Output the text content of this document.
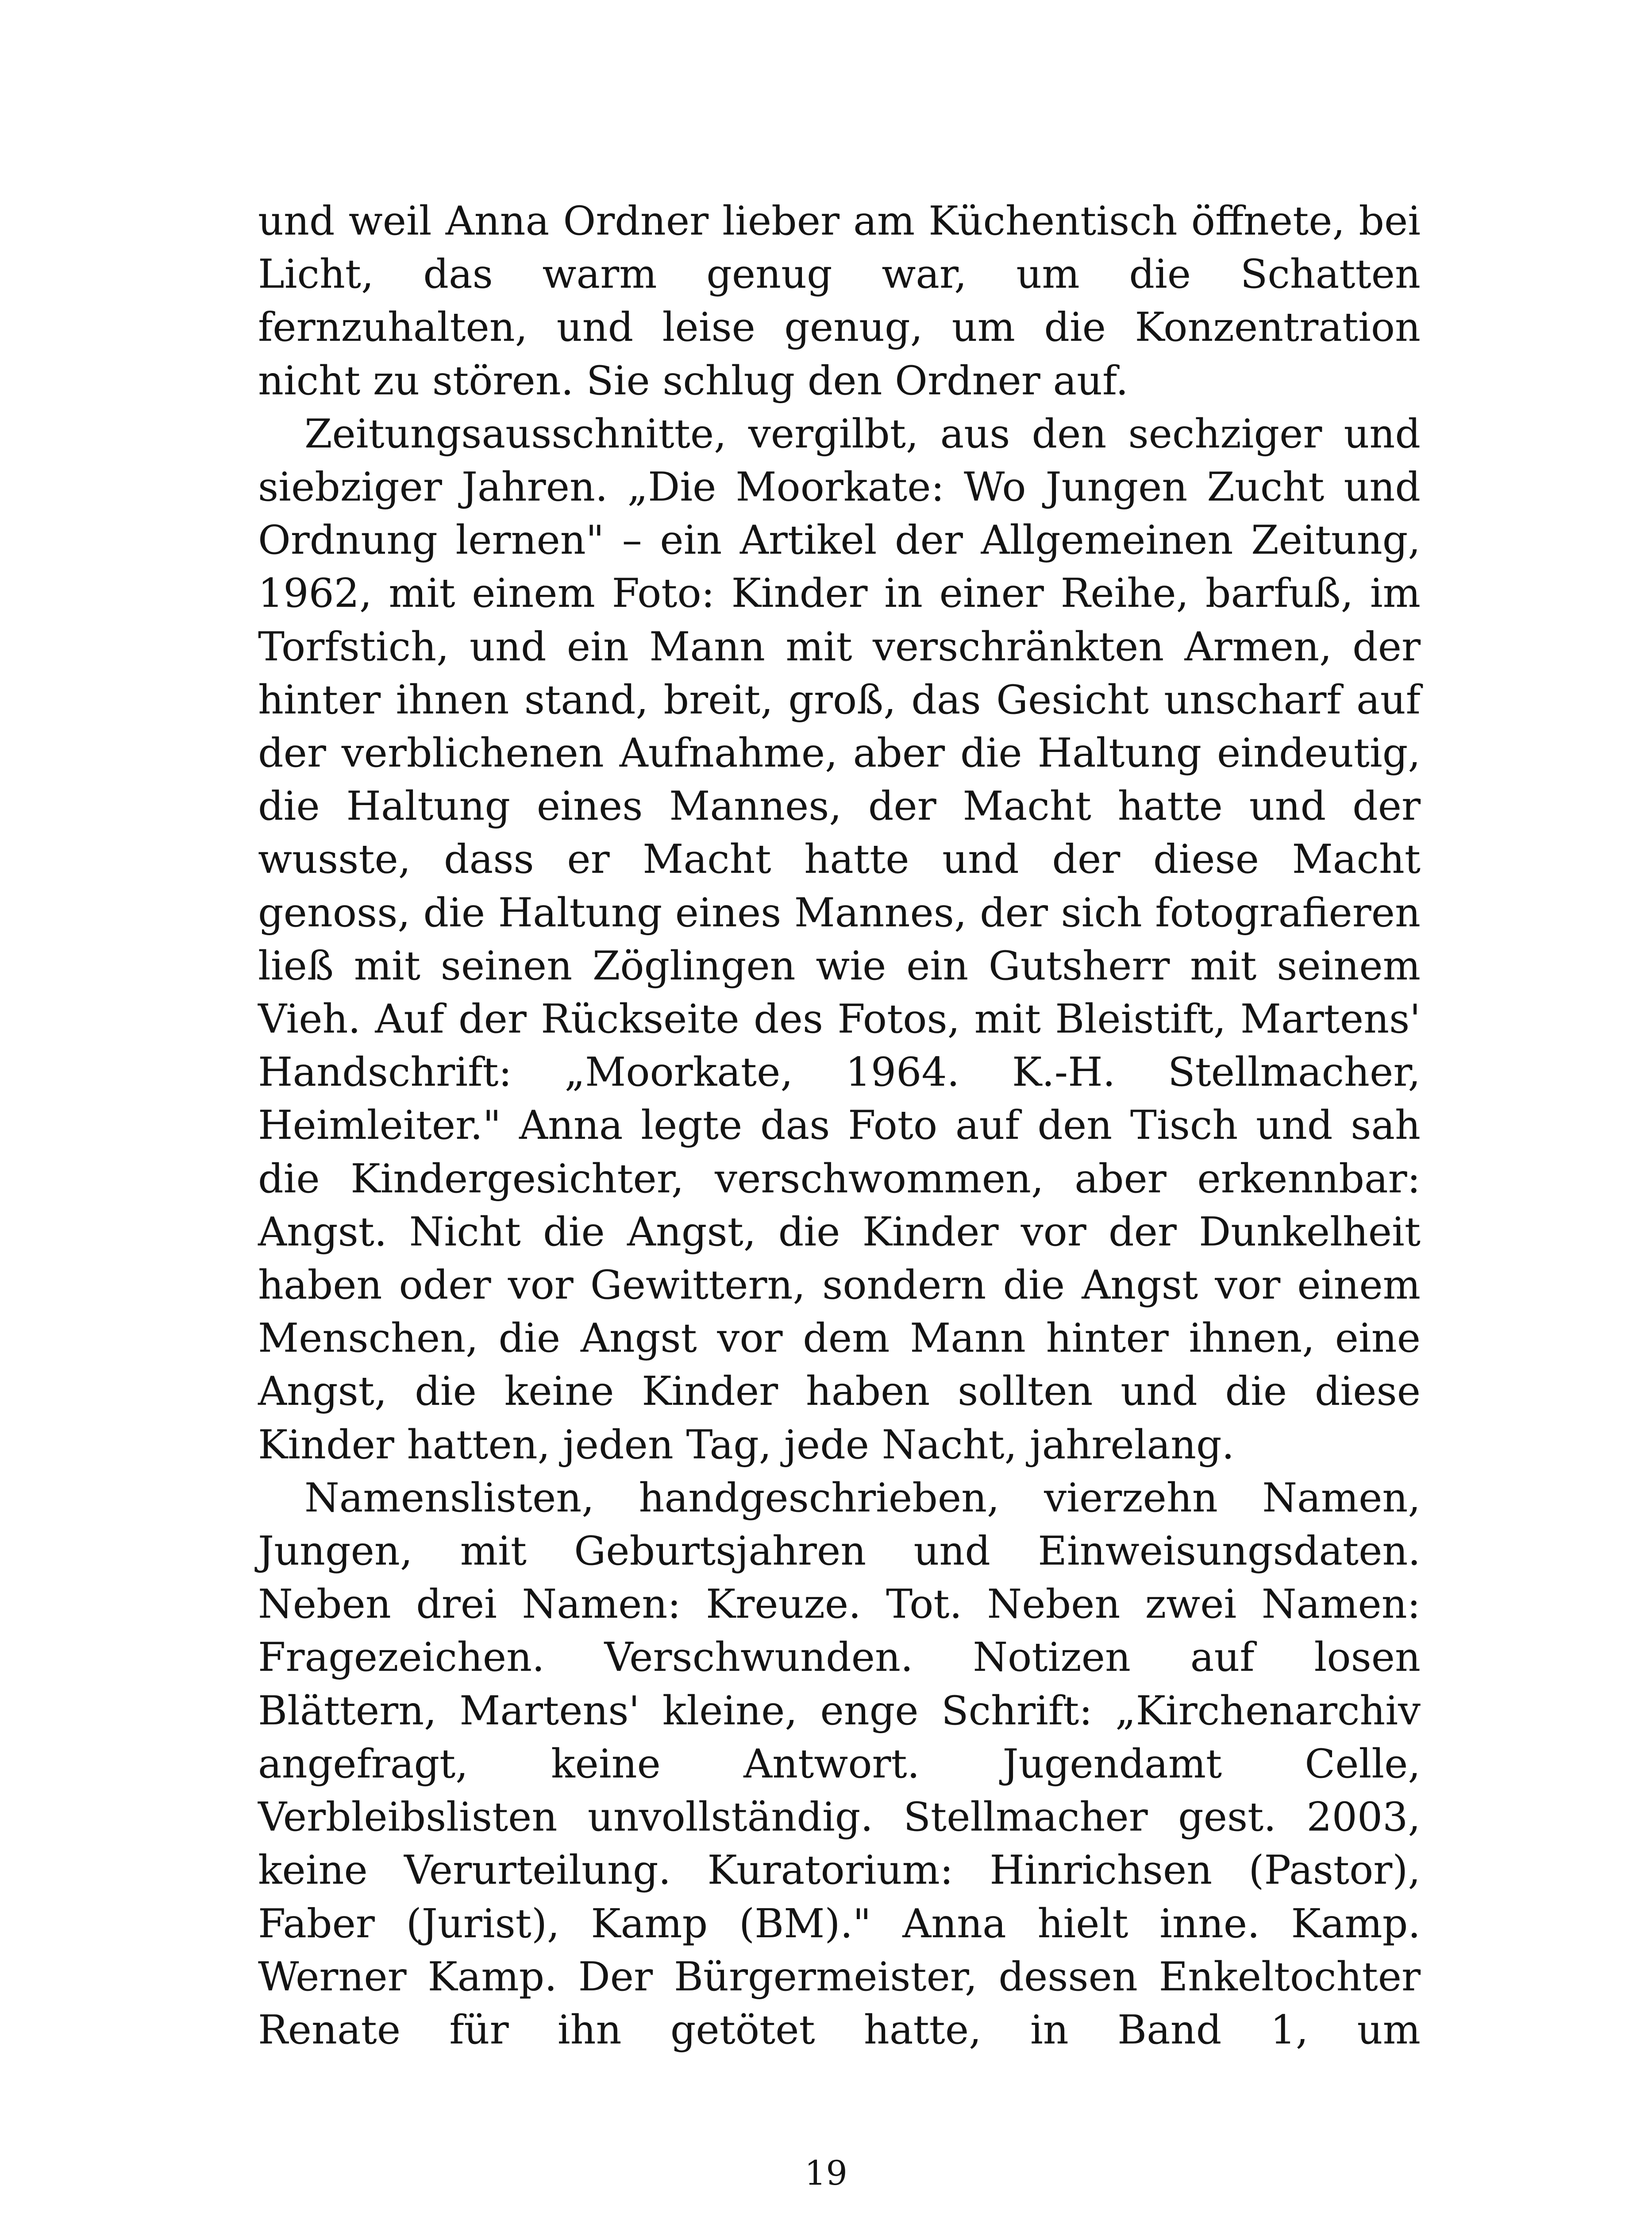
und weil Anna Ordner lieber am Küchentisch öffnete, bei Licht, das warm genug war, um die Schatten fernzuhalten, und leise genug, um die Konzentration nicht zu stören. Sie schlug den Ordner auf.

Zeitungsausschnitte, vergilbt, aus den sechziger und siebziger Jahren. „Die Moorkate: Wo Jungen Zucht und Ordnung lernen" – ein Artikel der Allgemeinen Zeitung, 1962, mit einem Foto: Kinder in einer Reihe, barfuß, im Torfstich, und ein Mann mit verschränkten Armen, der hinter ihnen stand, breit, groß, das Gesicht unscharf auf der verblichenen Aufnahme, aber die Haltung eindeutig, die Haltung eines Mannes, der Macht hatte und der wusste, dass er Macht hatte und der diese Macht genoss, die Haltung eines Mannes, der sich fotografieren ließ mit seinen Zöglingen wie ein Gutsherr mit seinem Vieh. Auf der Rückseite des Fotos, mit Bleistift, Martens' Handschrift: „Moorkate, 1964. K.-H. Stellmacher, Heimleiter." Anna legte das Foto auf den Tisch und sah die Kindergesichter, verschwommen, aber erkennbar: Angst. Nicht die Angst, die Kinder vor der Dunkelheit haben oder vor Gewittern, sondern die Angst vor einem Menschen, die Angst vor dem Mann hinter ihnen, eine Angst, die keine Kinder haben sollten und die diese Kinder hatten, jeden Tag, jede Nacht, jahrelang.

Namenslisten, handgeschrieben, vierzehn Namen, Jungen, mit Geburtsjahren und Einweisungsdaten. Neben drei Namen: Kreuze. Tot. Neben zwei Namen: Fragezeichen. Verschwunden. Notizen auf losen Blättern, Martens' kleine, enge Schrift: „Kirchenarchiv angefragt, keine Antwort. Jugendamt Celle, Verbleibslisten unvollständig. Stellmacher gest. 2003, keine Verurteilung. Kuratorium: Hinrichsen (Pastor), Faber (Jurist), Kamp (BM)." Anna hielt inne. Kamp. Werner Kamp. Der Bürgermeister, dessen Enkeltochter Renate für ihn getötet hatte, in Band 1, um

19
